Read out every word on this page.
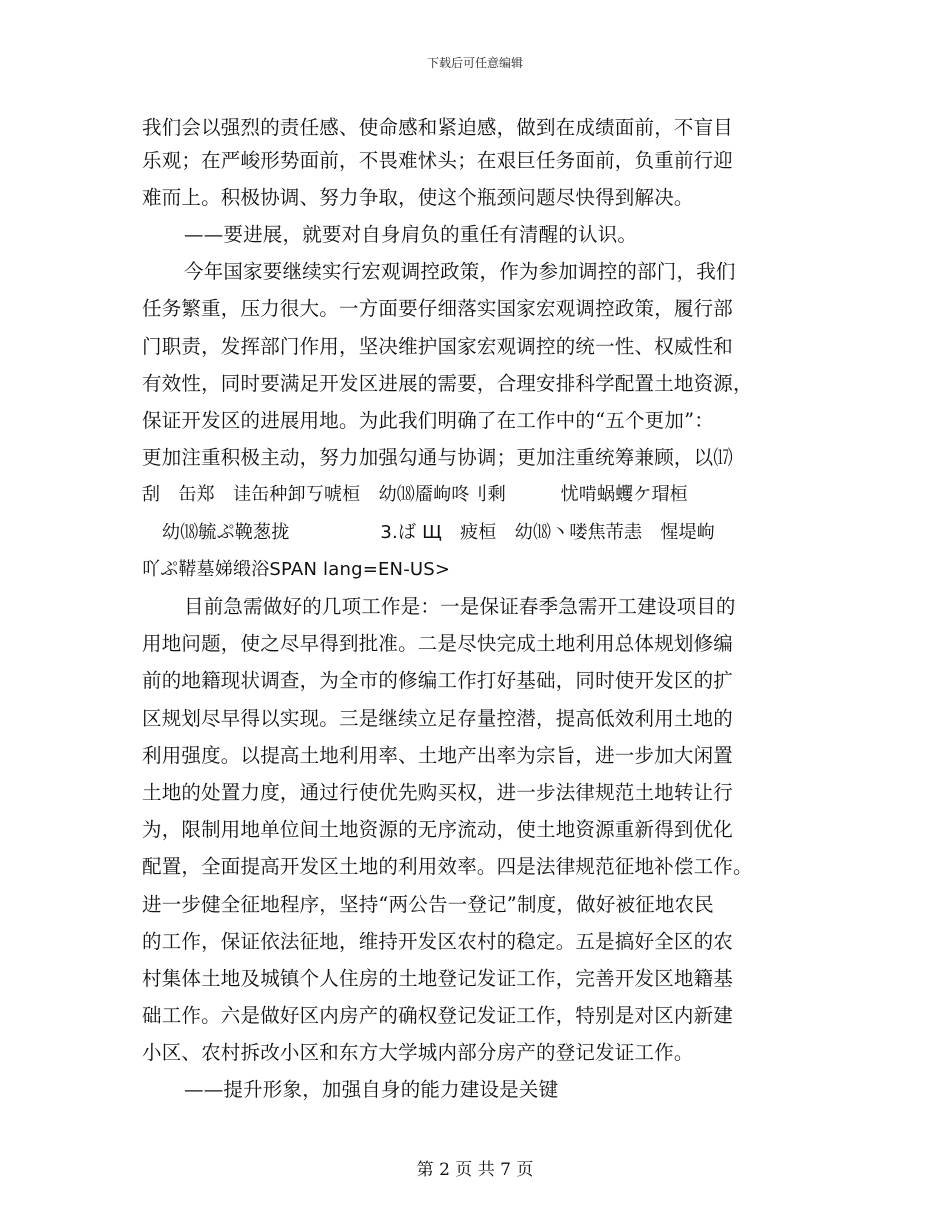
下载后可任意编辑
我们会以强烈的责任感、使命感和紧迫感，做到在成绩面前，不盲目
乐观；在严峻形势面前，不畏难怵头；在艰巨任务面前，负重前行迎
难而上。积极协调、努力争取，使这个瓶颈问题尽快得到解决。
——要进展，就要对自身肩负的重任有清醒的认识。
今年国家要继续实行宏观调控政策，作为参加调控的部门，我们
任务繁重，压力很大。一方面要仔细落实国家宏观调控政策，履行部
门职责，发挥部门作用，坚决维护国家宏观调控的统一性、权威性和
有效性，同时要满足开发区进展的需要，合理安排科学配置土地资源，
保证开发区的进展用地。为此我们明确了在工作中的“五个更加”：
更加注重积极主动，努力加强勾通与协调；更加注重统筹兼顾，以⒄
刮　缶郑　诖缶种卸丂唬桓　幼⒅靥岣咚刂剩　　　忧啃蜗蠼ケ瑁桓
幼⒅毓ぷ鞔葱拢　　　　　3.ば Щ　疲桓　幼⒅丶喽焦芾恚　惺堤岣
吖ぷ鞯墓娣缎浴SPAN lang=EN-US>
目前急需做好的几项工作是：一是保证春季急需开工建设项目的
用地问题，使之尽早得到批准。二是尽快完成土地利用总体规划修编
前的地籍现状调查，为全市的修编工作打好基础，同时使开发区的扩
区规划尽早得以实现。三是继续立足存量控潜，提高低效利用土地的
利用强度。以提高土地利用率、土地产出率为宗旨，进一步加大闲置
土地的处置力度，通过行使优先购买权，进一步法律规范土地转让行
为，限制用地单位间土地资源的无序流动，使土地资源重新得到优化
配置，全面提高开发区土地的利用效率。四是法律规范征地补偿工作。
进一步健全征地程序，坚持“两公告一登记”制度，做好被征地农民
的工作，保证依法征地，维持开发区农村的稳定。五是搞好全区的农
村集体土地及城镇个人住房的土地登记发证工作，完善开发区地籍基
础工作。六是做好区内房产的确权登记发证工作，特别是对区内新建
小区、农村拆改小区和东方大学城内部分房产的登记发证工作。
——提升形象，加强自身的能力建设是关键
第 2 页 共 7 页
